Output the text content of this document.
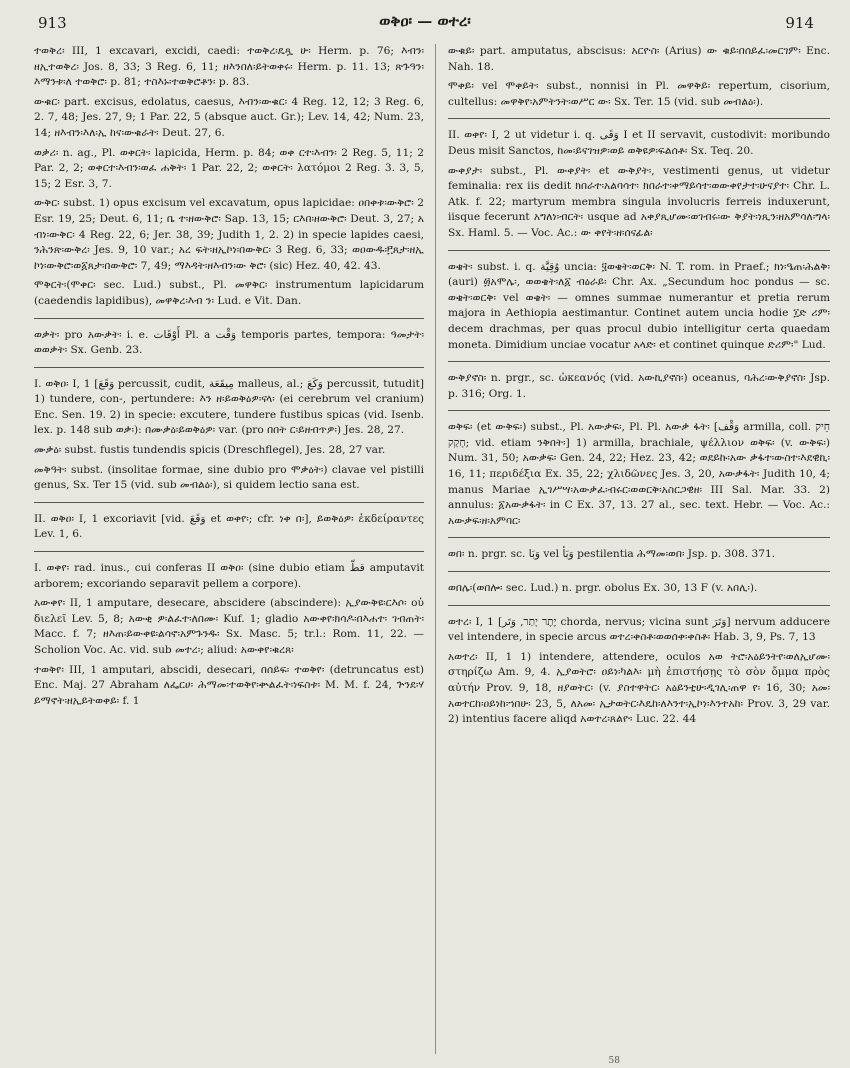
913	ወቅዐ፡ — ወተረ፡	914

ተወቅረ፡ III, 1 excavari, excidi, caedi: ተወቅረ፡ዴጿ ሁ፡ Herm. p. 76; እብን፡ዘኢተወቅረ፡ Jos. 8, 33; 3 Reg. 6, 11; ዘእንበለ፡ይትወቀሩ፡ Herm. p. 11. 13; ጽጉዓን፡እማንቱ፡ለ ተወቅሮ፡ p. 81; ተስእኑ፡ተወቅሮቶን፡ p. 83.

ውቁር፡ part. excisus, edolatus, caesus, እብን፡ውቁር፡ 4 Reg. 12, 12; 3 Reg. 6, 2. 7, 48; Jes. 27, 9; 1 Par. 22, 5 (absque auct. Gr.); Lev. 14, 42; Num. 23, 14; ዘእብን፡እለ፡ኢ ከና፡ውቁራት፡ Deut. 27, 6.

ወቃሪ፡ n. ag., Pl. ወቀርት፡ lapicida, Herm. p. 84; ወቀ ርተ፡እብን፡ 2 Reg. 5, 11; 2 Par. 2, 2; ወቀርተ፡እብን፡ወፈ ሐቅት፡ 1 Par. 22, 2; ወቀርት፡ λατόμοι 2 Reg. 3. 3, 5, 15; 2 Esr. 3, 7.

ውቅር፡ subst. 1) opus excisum vel excavatum, opus lapicidae: ዐበቀቱ፡ውቅሮ፡ 2 Esr. 19, 25; Deut. 6, 11; ቤ ተ፡ዘውቅሮ፡ Sap. 13, 15; ርእበ፡ዘውቅሮ፡ Deut. 3, 27; አ ብነ፡ውቅር፡ 4 Reg. 22, 6; Jer. 38, 39; Judith 1, 2. 2) in specie lapides caesi, ንሕንጽ፡ውቅረ፡ Jes. 9, 10 var.; አረ ፍት፡ዘኢኮነ፡በውቅር፡ 3 Reg. 6, 33; ወዐውዱ፡፫ጸታ፡ዘኢ ኮነ፡ውቅሮ፡ወ፩ጸታ፡በውቅሮ፡ 7, 49; ማእዳት፡ዘእብን፡ው ቅሮ፡ (sic) Hez. 40, 42. 43.

ሞቅርት፡(ሞቀር፡ sec. Lud.) subst., Pl. መዋቅር፡ instrumentum lapicidarum (caedendis lapidibus), መዋቅረ፡እብ ን፡ Lud. e Vit. Dan.

ወቃት፡ pro አውቃት፡ i. e. أَوْقَات Pl. a وَقْت temporis partes, tempora: ዓመታት፡ወወቃት፡ Sx. Genb. 23.

I. ወቅዐ፡ I, 1 [وَقَعَ percussit, cudit, مِيقَعَة malleus, al.; وَكَعَ percussit, tutudit] 1) tundere, con-, pertundere: እን ዘ፡ይወቅዕዎ፡ናላ፡ (ei cerebrum vel cranium) Enc. Sen. 19. 2) in specie: excutere, tundere fustibus spicas (vid. Isenb. lex. p. 148 sub ወቃ፡): በሙቃዕ፡ይወቅዕዎ፡ var. (pro በበት ር፡ይዘብጥዎ፡) Jes. 28, 27.

ሙቃዕ፡ subst. fustis tundendis spicis (Dreschflegel), Jes. 28, 27 var.

መቅዓት፡ subst. (insolitae formae, sine dubio pro ሞቃዕት፡) clavae vel pistilli genus, Sx. Ter 15 (vid. sub መብልዕ፡), si quidem lectio sana est.

II. ወቅዐ፡ I, 1 excoriavit [vid. وَقَعَ et ወቀየ፡; cfr. ነቀ በ፡], ይወቅዕዎ፡ ἐκδείραντες Lev. 1, 6.

I. ወቀየ፡ rad. inus., cui conferas II ወቅዐ፡ (sine dubio etiam قطّ amputavit arborem; excoriando separavit pellem a corpore).

አውቀየ፡ II, 1 amputare, desecare, abscidere (abscindere): ኢያውቅዩ፡ርእሶ፡ οὐ διελεῖ Lev. 5, 8; አውቂ ዎ፡ልፈተ፡ለበሙ፡ Kuf. 1; gladio አውቀየ፡ክሳዶ፡በእሐተ፡ ገብጠት፡ Macc. f. 7; ዘእጠ፡ይውቀዩ፡ልሳኖ፡አምጉንዱ፡ Sx. Masc. 5; tr.l.: Rom. 11, 22. — Scholion Voc. Ac. vid. sub መተረ፡; aliud: አውቀየ፡ቁረጸ፡

ተወቅየ፡ III, 1 amputari, abscidi, desecari, በሰይፍ፡ ተወቅየ፡ (detruncatus est) Enc. Maj. 27 Abraham ለፌርሀ፡ ሕማመ፡ተወቅየ፡ቍልፈት፡ነፍስቱ፡ M. M. f. 24, ጕንደ፡ሃ ይማኖት፡ዘኢይትወቀይ፡ f. 1

ውቁይ፡ part. amputatus, abscisus: አርዮስ፡ (Arius) ው ቁይ፡በሰይፈ፡መርገም፡ Enc. Nah. 18.

ሞቀይ፡ vel ሞቀይት፡ subst., nonnisi in Pl. መዋቅይ፡ repertum, cisorium, cultellus: መዋቅየ፡አምትንት፡ወሥር ው፡ Sx. Ter. 15 (vid. sub መብልዕ፡).

II. ወቀየ፡ I, 2 ut videtur i. q. وَقَى I et II servavit, custodivit: moribundo Deus misit Sanctos, ከመ፡ይናገዝዎ፡ወይ ወቅዩዎ፡ፍልሰቶ፡ Sx. Teq. 20.

ውቀያታ፡ subst., Pl. ውቀያት፡ et ውቅያት፡, vestimenti genus, ut videtur feminalia: rex iis dedit ክበራተ፡አልባሳተ፡ ክበራተ፡ቀማይሳተ፡ወውቀየታተ፡ሁናያተ፡ Chr. L. Atk. f. 22; martyrum membra singula involucris ferreis induxerunt, iisque fecerunt አግለነ፡ብርት፡ usque ad አቀያጺሆሙ፡ወገብሩ፡ው ቅያት፡ነጺን፡ዘአምሳለ፡ግላ፡ Sx. Haml. 5. — Voc. Ac.: ው ቀየት፡ዘ፡ሰናፊል፡

ወቄት፡ subst. i. q. وُقِيَّة uncia: ፶ወቄት፡ወርቅ፡ N. T. rom. in Praef.; ክነ፡ዔጠ፡ሕልቅ፡ (auri) ፴አሞሌ፡, ወወቄት፡ለ፩ ብዕራይ፡ Chr. Ax. „Secundum hoc pondus — sc. ወቄት፡ወርቅ፡ vel ወቄት፡ — omnes summae numerantur et pretia rerum majora in Aethiopia aestimantur. Continet autem uncia hodie ፲ድ ሪም፡ decem drachmas, per quas procul dubio intelligitur certa quaedam moneta. Dimidium unciae vocatur አላድ፡ et continet quinque ድሪም፡" Lud.

ውቅያኖስ፡ n. prgr., sc. ὠκεανός (vid. አውኪያኖስ፡) oceanus, ባሕረ፡ውቅያኖስ፡ Jsp. p. 316; Org. 1.

ወቅፍ፡ (et ውቅፍ፡) subst., Pl. አውቃፍ፡, Pl. Pl. አውቃ ፋት፡ [وَقْف armilla, coll. חֵיק חָקַק; vid. etiam ንቅበት፡] 1) armilla, brachiale, ψέλλιον ወቅፍ፡ (v. ውቅፍ፡) Num. 31, 50; አውቃፍ፡ Gen. 24, 22; Hez. 23, 42; ወደይኩ፡አው ቃፋተ፡ውስተ፡እደዊኪ፡ 16, 11; περιδέξια Ex. 35, 22; χλιδῶνες Jes. 3, 20, አውቃፋት፡ Judith 10, 4; manus Mariae ኢገሥሣ፡አውቃፈ፡ብሩር፡ወወርቅ፡አስርጋዊዘ፡ III Sal. Mar. 33. 2) annulus: ፩አውቃፋት፡ in C Ex. 37, 13. 27 al., sec. text. Hebr. — Voc. Ac.: አውቃፍ፡ዘ፡አምባር፡

ወበ፡ n. prgr. sc. وَبَا vel وَبَأ pestilentia ሕማመ፡ወበ፡ Jsp. p. 308. 371.

ወበሌ፡(ወበሎ፡ sec. Lud.) n. prgr. obolus Ex. 30, 13 F (v. አበሊ፡).

ወተረ፡ I, 1 [יֶתֶר יָתַר, وَتَر chorda, nervus; vicina sunt وَتَرَ] nervum adducere vel intendere, in specie arcus ወተረ፡ቀስቶ፡ወወሰቀ፡ቀስቶ፡ Hab. 3, 9, Ps. 7, 13

አወተረ፡ II, 1 1) intendere, attendere, oculos አወ ትሮ፡አዕይንትየ፡ወለኢሆሙ፡ στηρίζω Am. 9, 4. ኢያወትሮ፡ ዐይነ፡ካልእ፡ μὴ ἐπιστήσῃς τὸ σὸν ὄμμα πρὸς αὐτήν Prov. 9, 18, ዘያወትር፡ (v. ያስተዋትር፡ አዕይንቲሁ፡ዲገሊ፡ጠዋ የ፡ 16, 30; አመ፡አወተርከ፡ዐይነከ፡ኀበሁ፡ 23, 5, ለአመ፡ ኢታወትር፡እዴከ፡ለእንተ፡ኢኮነ፡እንተአከ፡ Prov. 3, 29 var. 2) intentius facere aliqd አወተረ፡ጸልዮ፡ Luc. 22. 44

58
